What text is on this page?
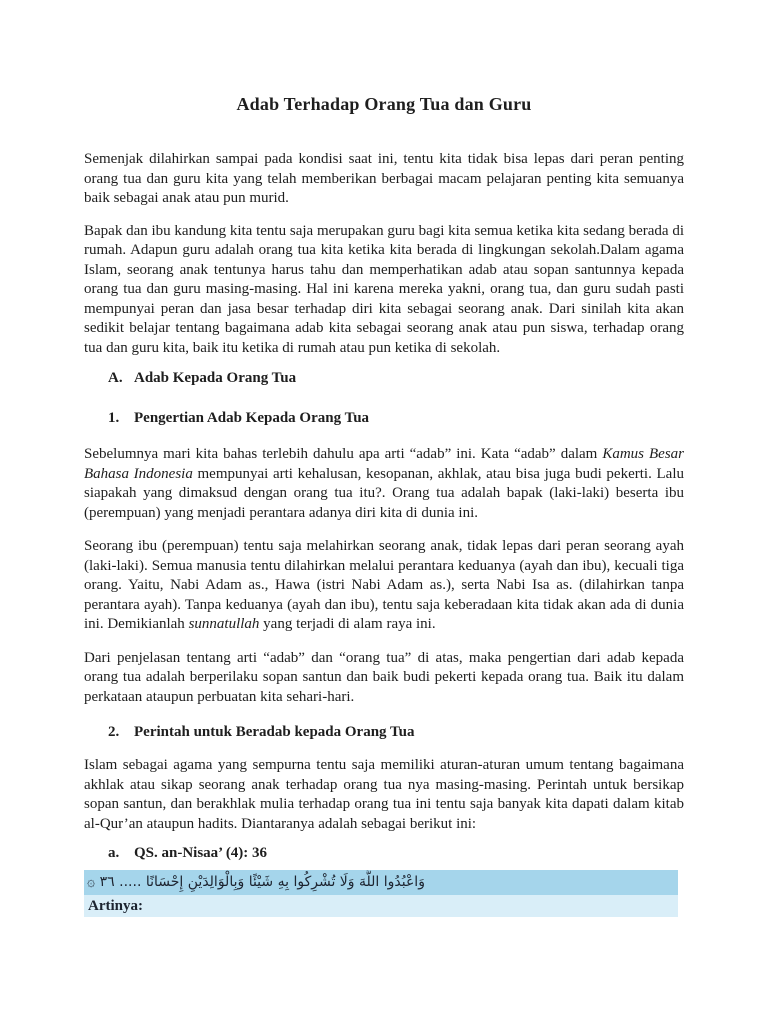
Adab Terhadap Orang Tua dan Guru

Semenjak dilahirkan sampai pada kondisi saat ini, tentu kita tidak bisa lepas dari peran penting orang tua dan guru kita yang telah memberikan berbagai macam pelajaran penting kita semuanya baik sebagai anak atau pun murid.

Bapak dan ibu kandung kita tentu saja merupakan guru bagi kita semua ketika kita sedang berada di rumah. Adapun guru adalah orang tua kita ketika kita berada di lingkungan sekolah.Dalam agama Islam, seorang anak tentunya harus tahu dan memperhatikan adab atau sopan santunnya kepada orang tua dan guru masing-masing. Hal ini karena mereka yakni, orang tua, dan guru sudah pasti mempunyai peran dan jasa besar terhadap diri kita sebagai seorang anak. Dari sinilah kita akan sedikit belajar tentang bagaimana adab kita sebagai seorang anak atau pun siswa, terhadap orang tua dan guru kita, baik itu ketika di rumah atau pun ketika di sekolah.

A. Adab Kepada Orang Tua
1. Pengertian Adab Kepada Orang Tua

Sebelumnya mari kita bahas terlebih dahulu apa arti “adab” ini. Kata “adab” dalam Kamus Besar Bahasa Indonesia mempunyai arti kehalusan, kesopanan, akhlak, atau bisa juga budi pekerti. Lalu siapakah yang dimaksud dengan orang tua itu?. Orang tua adalah bapak (laki-laki) beserta ibu (perempuan) yang menjadi perantara adanya diri kita di dunia ini.

Seorang ibu (perempuan) tentu saja melahirkan seorang anak, tidak lepas dari peran seorang ayah (laki-laki). Semua manusia tentu dilahirkan melalui perantara keduanya (ayah dan ibu), kecuali tiga orang. Yaitu, Nabi Adam as., Hawa (istri Nabi Adam as.), serta Nabi Isa as. (dilahirkan tanpa perantara ayah). Tanpa keduanya (ayah dan ibu), tentu saja keberadaan kita tidak akan ada di dunia ini. Demikianlah sunnatullah yang terjadi di alam raya ini.

Dari penjelasan tentang arti “adab” dan “orang tua” di atas, maka pengertian dari adab kepada orang tua adalah berperilaku sopan santun dan baik budi pekerti kepada orang tua. Baik itu dalam perkataan ataupun perbuatan kita sehari-hari.

2. Perintah untuk Beradab kepada Orang Tua

Islam sebagai agama yang sempurna tentu saja memiliki aturan-aturan umum tentang bagaimana akhlak atau sikap seorang anak terhadap orang tua nya masing-masing. Perintah untuk bersikap sopan santun, dan berakhlak mulia terhadap orang tua ini tentu saja banyak kita dapati dalam kitab al-Qur’an ataupun hadits. Diantaranya adalah sebagai berikut ini:

a. QS. an-Nisaa’ (4): 36
وَاعْبُدُوا اللَّهَ وَلَا تُشْرِكُوا بِهِ شَيْئًا وَبِالْوَالِدَيْنِ إِحْسَانًا ..... ٣٦ ۞
Artinya:
